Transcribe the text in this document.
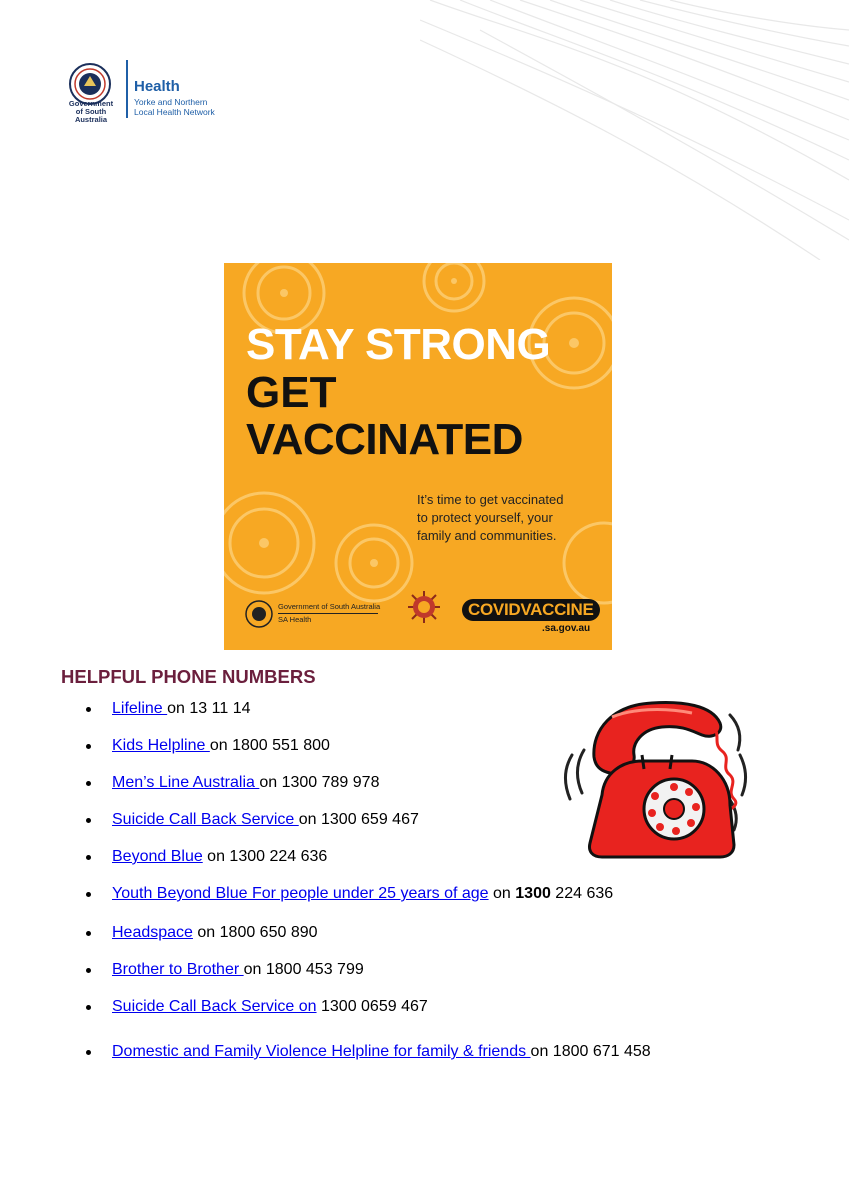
Government
of South Australia
Health
Yorke and Northern
Local Health Network
STAY STRONG
GET
VACCINATED
It’s time to get vaccinated
to protect yourself, your
family and communities.
Government of South Australia
SA Health
COVIDVACCINE
.sa.gov.au
HELPFUL PHONE NUMBERS
Lifeline on 13 11 14
Kids Helpline on 1800 551 800
Men’s Line Australia on 1300 789 978
Suicide Call Back Service on 1300 659 467
Beyond Blue on 1300 224 636
Youth Beyond Blue For people under 25 years of age on 1300 224 636
Headspace on 1800 650 890
Brother to Brother on 1800 453 799
Suicide Call Back Service on 1300 0659 467
Domestic and Family Violence Helpline for family & friends on 1800 671 458
